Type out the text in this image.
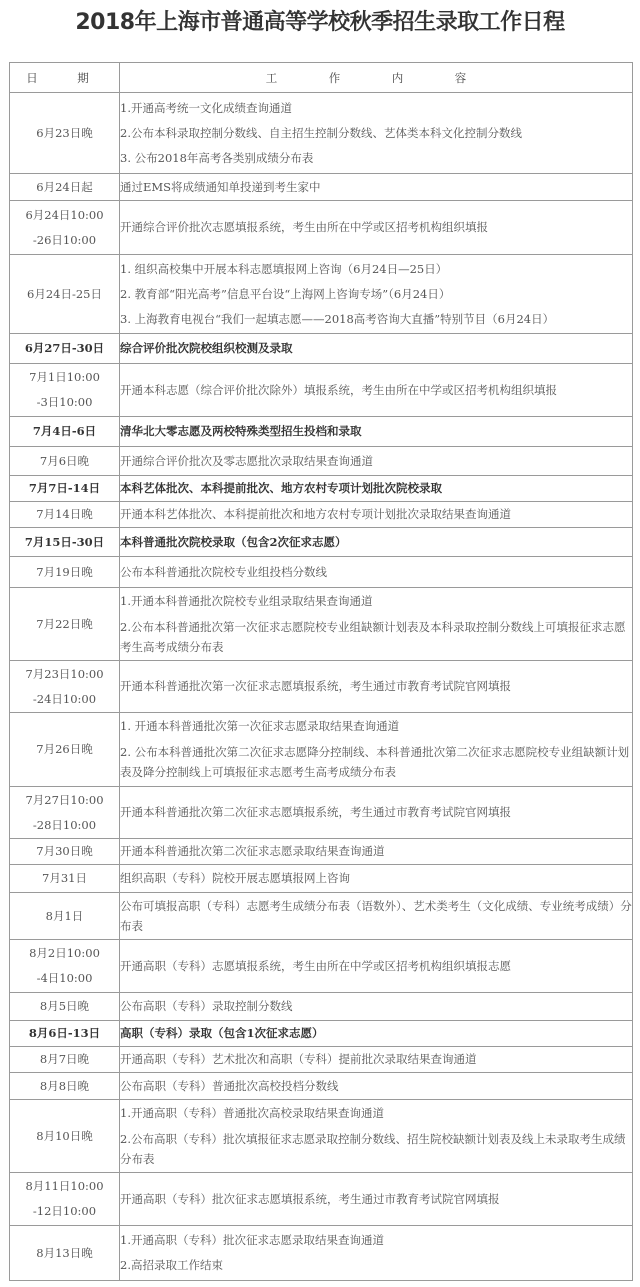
2018年上海市普通高等学校秋季招生录取工作日程
日　期	工　作　内　容

6月23日晚	1.开通高考统一文化成绩查询通道
2.公布本科录取控制分数线、自主招生控制分数线、艺体类本科文化控制分数线
3. 公布2018年高考各类别成绩分布表

6月24日起	通过EMS将成绩通知单投递到考生家中

6月24日10:00
-26日10:00	开通综合评价批次志愿填报系统，考生由所在中学或区招考机构组织填报

6月24日-25日	1. 组织高校集中开展本科志愿填报网上咨询（6月24日—25日）
2. 教育部“阳光高考”信息平台设“上海网上咨询专场”（6月24日）
3. 上海教育电视台“我们一起填志愿——2018高考咨询大直播”特别节目（6月24日）

6月27日-30日	综合评价批次院校组织校测及录取

7月1日10:00
-3日10:00	开通本科志愿（综合评价批次除外）填报系统，考生由所在中学或区招考机构组织填报

7月4日-6日	清华北大零志愿及两校特殊类型招生投档和录取

7月6日晚	开通综合评价批次及零志愿批次录取结果查询通道

7月7日-14日	本科艺体批次、本科提前批次、地方农村专项计划批次院校录取

7月14日晚	开通本科艺体批次、本科提前批次和地方农村专项计划批次录取结果查询通道

7月15日-30日	本科普通批次院校录取（包含2次征求志愿）

7月19日晚	公布本科普通批次院校专业组投档分数线

7月22日晚	1.开通本科普通批次院校专业组录取结果查询通道
2.公布本科普通批次第一次征求志愿院校专业组缺额计划表及本科录取控制分数线上可填报征求志愿考生高考成绩分布表

7月23日10:00
-24日10:00	开通本科普通批次第一次征求志愿填报系统，考生通过市教育考试院官网填报

7月26日晚	1. 开通本科普通批次第一次征求志愿录取结果查询通道
2. 公布本科普通批次第二次征求志愿降分控制线、本科普通批次第二次征求志愿院校专业组缺额计划表及降分控制线上可填报征求志愿考生高考成绩分布表

7月27日10:00
-28日10:00	开通本科普通批次第二次征求志愿填报系统，考生通过市教育考试院官网填报

7月30日晚	开通本科普通批次第二次征求志愿录取结果查询通道

7月31日	组织高职（专科）院校开展志愿填报网上咨询

8月1日	公布可填报高职（专科）志愿考生成绩分布表（语数外）、艺术类考生（文化成绩、专业统考成绩）分布表

8月2日10:00
-4日10:00	开通高职（专科）志愿填报系统，考生由所在中学或区招考机构组织填报志愿

8月5日晚	公布高职（专科）录取控制分数线

8月6日-13日	高职（专科）录取（包含1次征求志愿）

8月7日晚	开通高职（专科）艺术批次和高职（专科）提前批次录取结果查询通道

8月8日晚	公布高职（专科）普通批次高校投档分数线

8月10日晚	1.开通高职（专科）普通批次高校录取结果查询通道
2.公布高职（专科）批次填报征求志愿录取控制分数线、招生院校缺额计划表及线上未录取考生成绩分布表

8月11日10:00
-12日10:00	开通高职（专科）批次征求志愿填报系统，考生通过市教育考试院官网填报

8月13日晚	1.开通高职（专科）批次征求志愿录取结果查询通道
2.高招录取工作结束
